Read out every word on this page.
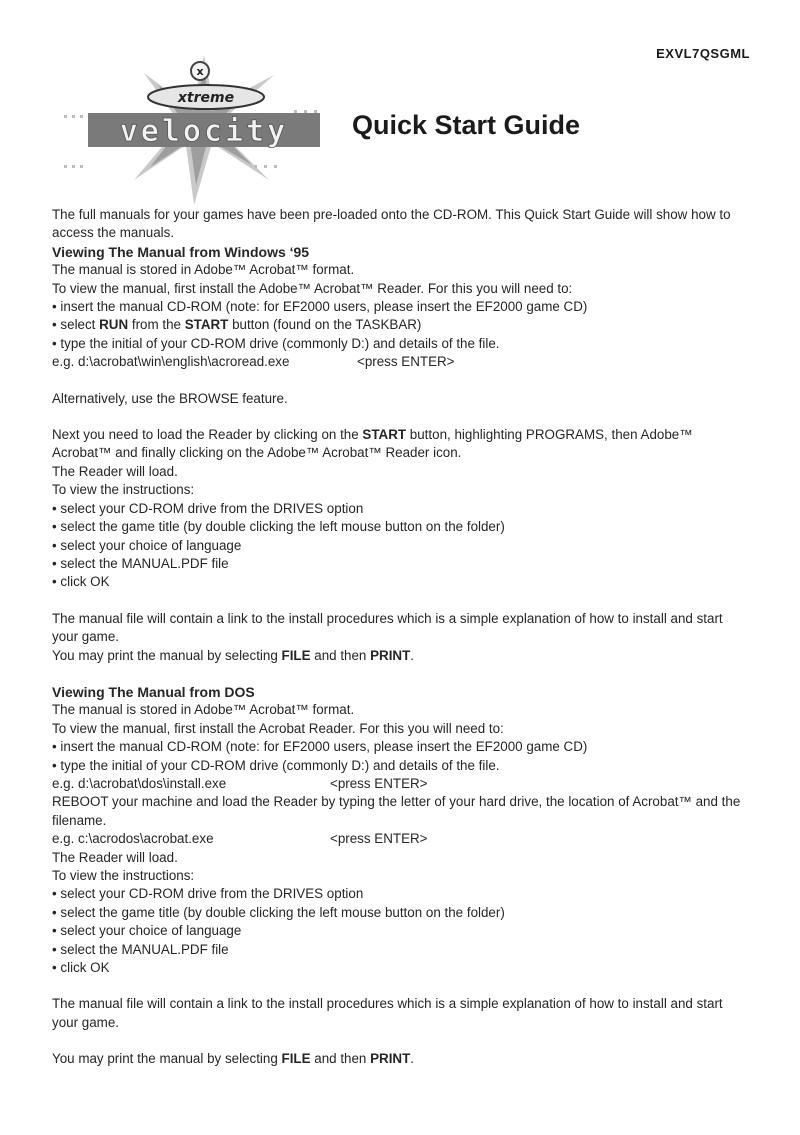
EXVL7QSGML
x
xtreme
velocity Quick Start Guide

The full manuals for your games have been pre-loaded onto the CD-ROM. This Quick Start Guide will show how to access the manuals.

Viewing The Manual from Windows ‘95

The manual is stored in Adobe™ Acrobat™ format.

To view the manual, first install the Adobe™ Acrobat™ Reader. For this you will need to:

• insert the manual CD-ROM (note: for EF2000 users, please insert the EF2000 game CD)

• select RUN from the START button (found on the TASKBAR)

• type the initial of your CD-ROM drive (commonly D:) and details of the file.

e.g. d:\acrobat\win\english\acroread.exe	<press ENTER>

Alternatively, use the BROWSE feature.

Next you need to load the Reader by clicking on the START button, highlighting PROGRAMS, then Adobe™ Acrobat™ and finally clicking on the Adobe™ Acrobat™ Reader icon.

The Reader will load.

To view the instructions:

• select your CD-ROM drive from the DRIVES option

• select the game title (by double clicking the left mouse button on the folder)

• select your choice of language

• select the MANUAL.PDF file

• click OK

The manual file will contain a link to the install procedures which is a simple explanation of how to install and start your game.

You may print the manual by selecting FILE and then PRINT.

Viewing The Manual from DOS

The manual is stored in Adobe™ Acrobat™ format.

To view the manual, first install the Acrobat Reader. For this you will need to:

• insert the manual CD-ROM (note: for EF2000 users, please insert the EF2000 game CD)

• type the initial of your CD-ROM drive (commonly D:) and details of the file.

e.g. d:\acrobat\dos\install.exe	<press ENTER>

REBOOT your machine and load the Reader by typing the letter of your hard drive, the location of Acrobat™ and the filename.

e.g. c:\acrodos\acrobat.exe	<press ENTER>

The Reader will load.

To view the instructions:

• select your CD-ROM drive from the DRIVES option

• select the game title (by double clicking the left mouse button on the folder)

• select your choice of language

• select the MANUAL.PDF file

• click OK

The manual file will contain a link to the install procedures which is a simple explanation of how to install and start your game.

You may print the manual by selecting FILE and then PRINT.
